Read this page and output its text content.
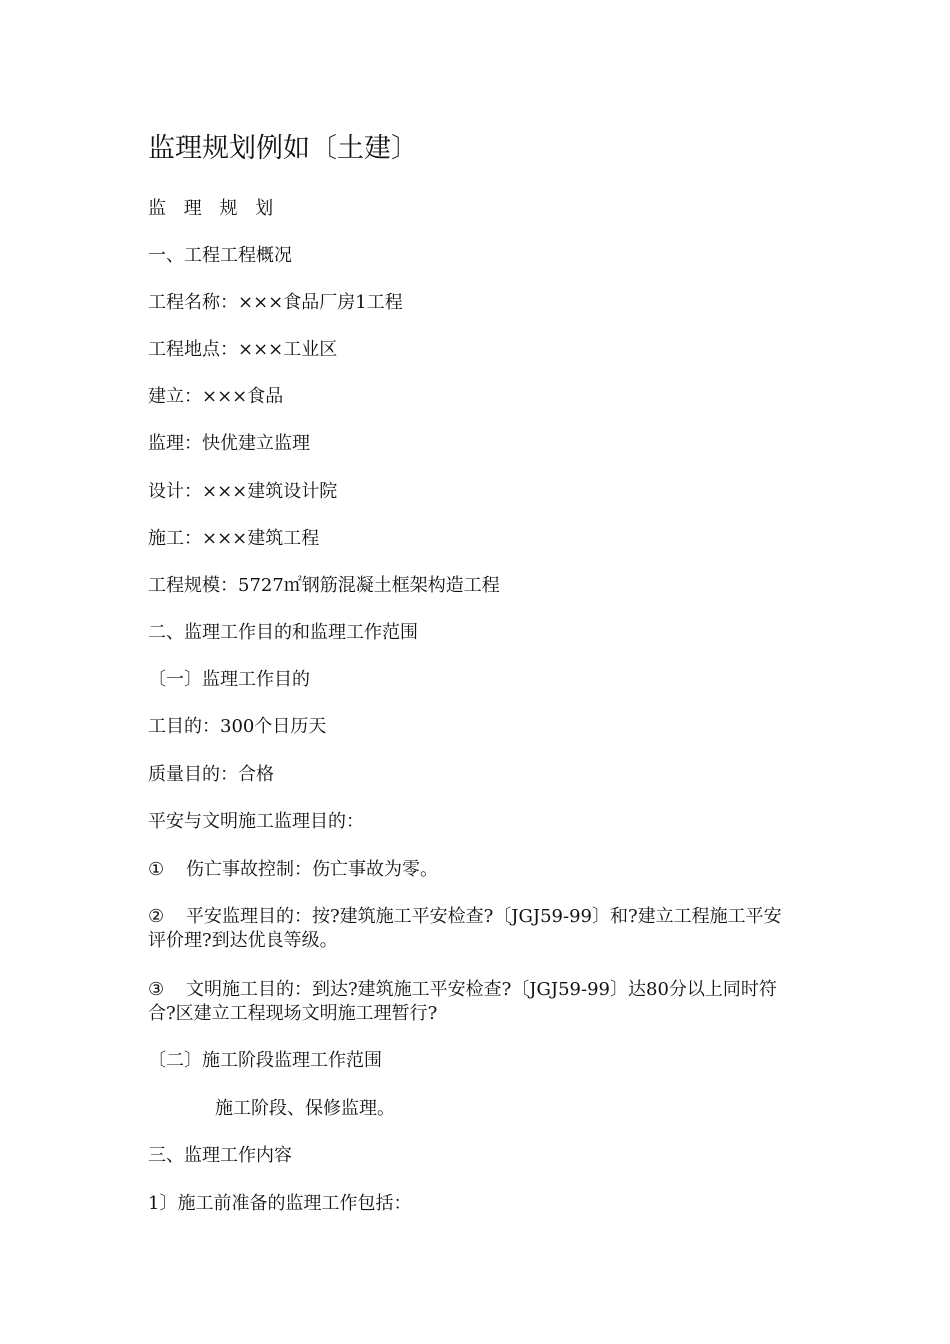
监理规划例如〔土建〕
监 理 规 划
一、工程工程概况
工程名称：×××食品厂房1工程
工程地点：×××工业区
建立：×××食品
监理：快优建立监理
设计：×××建筑设计院
施工：×××建筑工程
工程规模：5727㎡钢筋混凝土框架构造工程
二、监理工作目的和监理工作范围
〔一〕监理工作目的
工目的：300个日历天
质量目的：合格
平安与文明施工监理目的：
① 伤亡事故控制：伤亡事故为零。
② 平安监理目的：按?建筑施工平安检查?〔JGJ59-99〕和?建立工程施工平安评价理?到达优良等级。
③ 文明施工目的：到达?建筑施工平安检查?〔JGJ59-99〕达80分以上同时符合?区建立工程现场文明施工理暂行?
〔二〕施工阶段监理工作范围
施工阶段、保修监理。
三、监理工作内容
1〕施工前准备的监理工作包括：
